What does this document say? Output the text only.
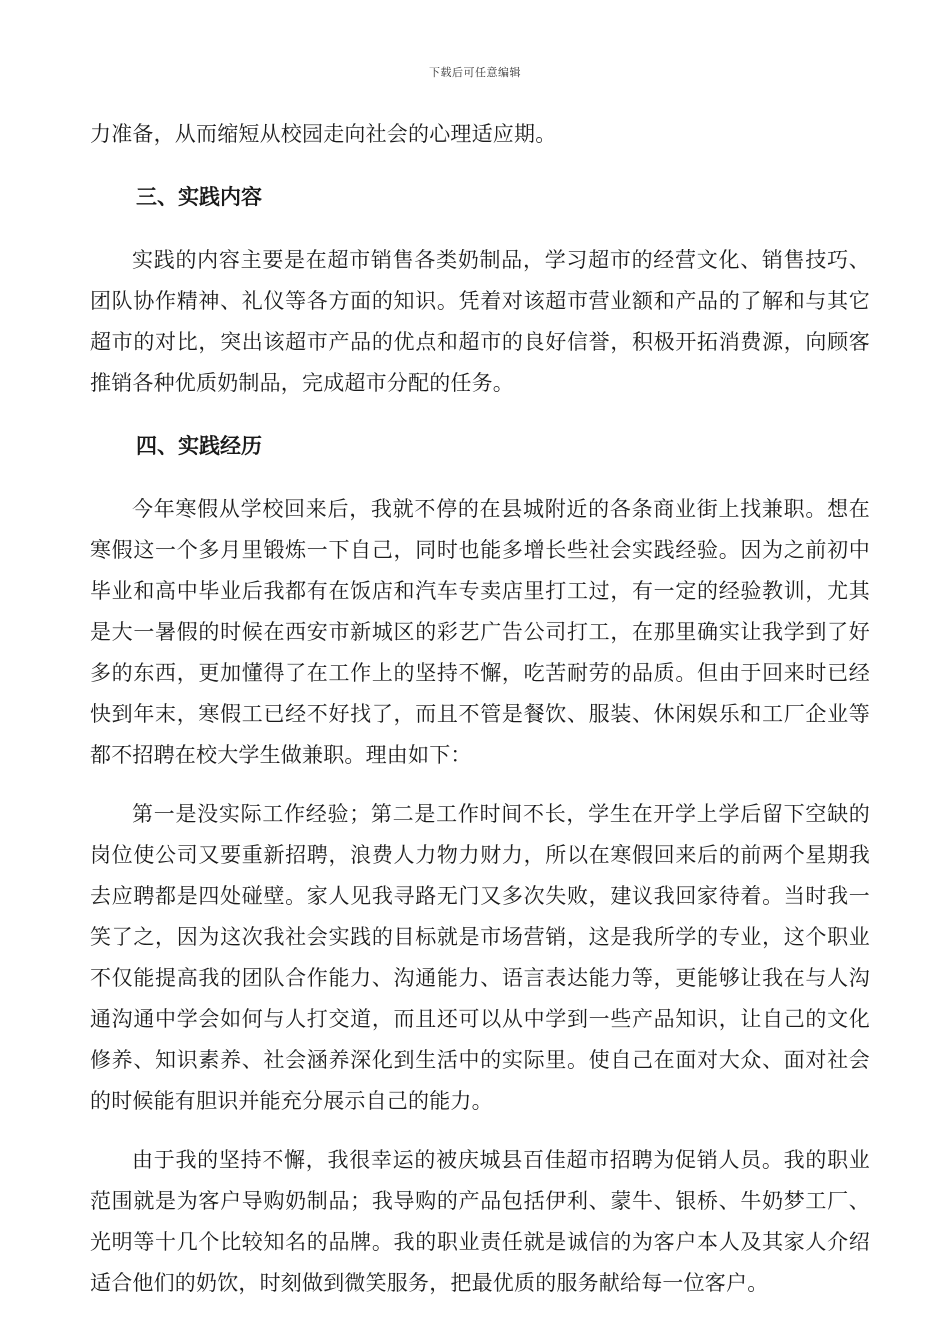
下载后可任意编辑

力准备，从而缩短从校园走向社会的心理适应期。

三、实践内容

实践的内容主要是在超市销售各类奶制品，学习超市的经营文化、销售技巧、团队协作精神、礼仪等各方面的知识。凭着对该超市营业额和产品的了解和与其它超市的对比，突出该超市产品的优点和超市的良好信誉，积极开拓消费源，向顾客推销各种优质奶制品，完成超市分配的任务。

四、实践经历

今年寒假从学校回来后，我就不停的在县城附近的各条商业街上找兼职。想在寒假这一个多月里锻炼一下自己，同时也能多增长些社会实践经验。因为之前初中毕业和高中毕业后我都有在饭店和汽车专卖店里打工过，有一定的经验教训，尤其是大一暑假的时候在西安市新城区的彩艺广告公司打工，在那里确实让我学到了好多的东西，更加懂得了在工作上的坚持不懈，吃苦耐劳的品质。但由于回来时已经快到年末，寒假工已经不好找了，而且不管是餐饮、服装、休闲娱乐和工厂企业等都不招聘在校大学生做兼职。理由如下：

第一是没实际工作经验；第二是工作时间不长，学生在开学上学后留下空缺的岗位使公司又要重新招聘，浪费人力物力财力，所以在寒假回来后的前两个星期我去应聘都是四处碰壁。家人见我寻路无门又多次失败，建议我回家待着。当时我一笑了之，因为这次我社会实践的目标就是市场营销，这是我所学的专业，这个职业不仅能提高我的团队合作能力、沟通能力、语言表达能力等，更能够让我在与人沟通沟通中学会如何与人打交道，而且还可以从中学到一些产品知识，让自己的文化修养、知识素养、社会涵养深化到生活中的实际里。使自己在面对大众、面对社会的时候能有胆识并能充分展示自己的能力。

由于我的坚持不懈，我很幸运的被庆城县百佳超市招聘为促销人员。我的职业范围就是为客户导购奶制品；我导购的产品包括伊利、蒙牛、银桥、牛奶梦工厂、光明等十几个比较知名的品牌。我的职业责任就是诚信的为客户本人及其家人介绍适合他们的奶饮，时刻做到微笑服务，把最优质的服务献给每一位客户。
